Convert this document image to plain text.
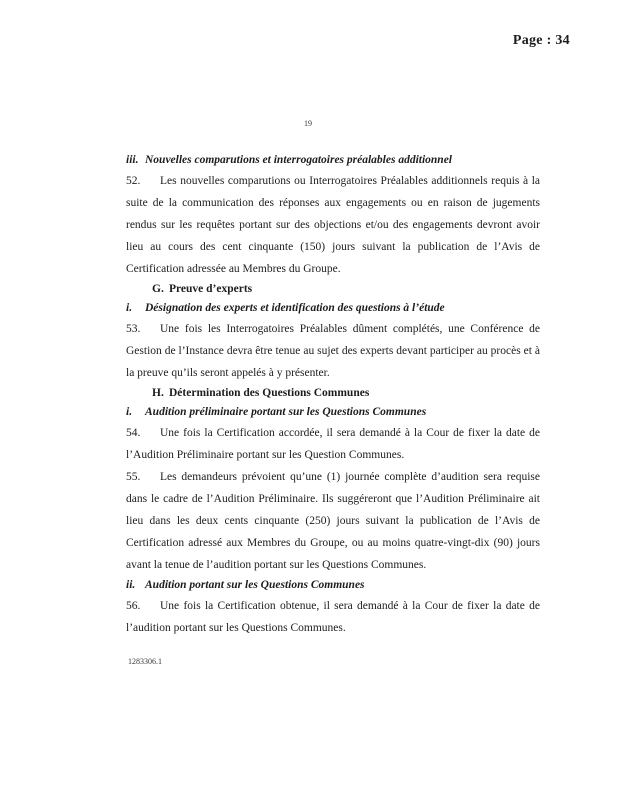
Page : 34
19
iii. Nouvelles comparutions et interrogatoires préalables additionnel
52. Les nouvelles comparutions ou Interrogatoires Préalables additionnels requis à la suite de la communication des réponses aux engagements ou en raison de jugements rendus sur les requêtes portant sur des objections et/ou des engagements devront avoir lieu au cours des cent cinquante (150) jours suivant la publication de l’Avis de Certification adressée au Membres du Groupe.
G. Preuve d’experts
i. Désignation des experts et identification des questions à l’étude
53. Une fois les Interrogatoires Préalables dûment complétés, une Conférence de Gestion de l’Instance devra être tenue au sujet des experts devant participer au procès et à la preuve qu’ils seront appelés à y présenter.
H. Détermination des Questions Communes
i. Audition préliminaire portant sur les Questions Communes
54. Une fois la Certification accordée, il sera demandé à la Cour de fixer la date de l’Audition Préliminaire portant sur les Question Communes.
55. Les demandeurs prévoient qu’une (1) journée complète d’audition sera requise dans le cadre de l’Audition Préliminaire. Ils suggéreront que l’Audition Préliminaire ait lieu dans les deux cents cinquante (250) jours suivant la publication de l’Avis de Certification adressé aux Membres du Groupe, ou au moins quatre-vingt-dix (90) jours avant la tenue de l’audition portant sur les Questions Communes.
ii. Audition portant sur les Questions Communes
56. Une fois la Certification obtenue, il sera demandé à la Cour de fixer la date de l’audition portant sur les Questions Communes.
1283306.1
